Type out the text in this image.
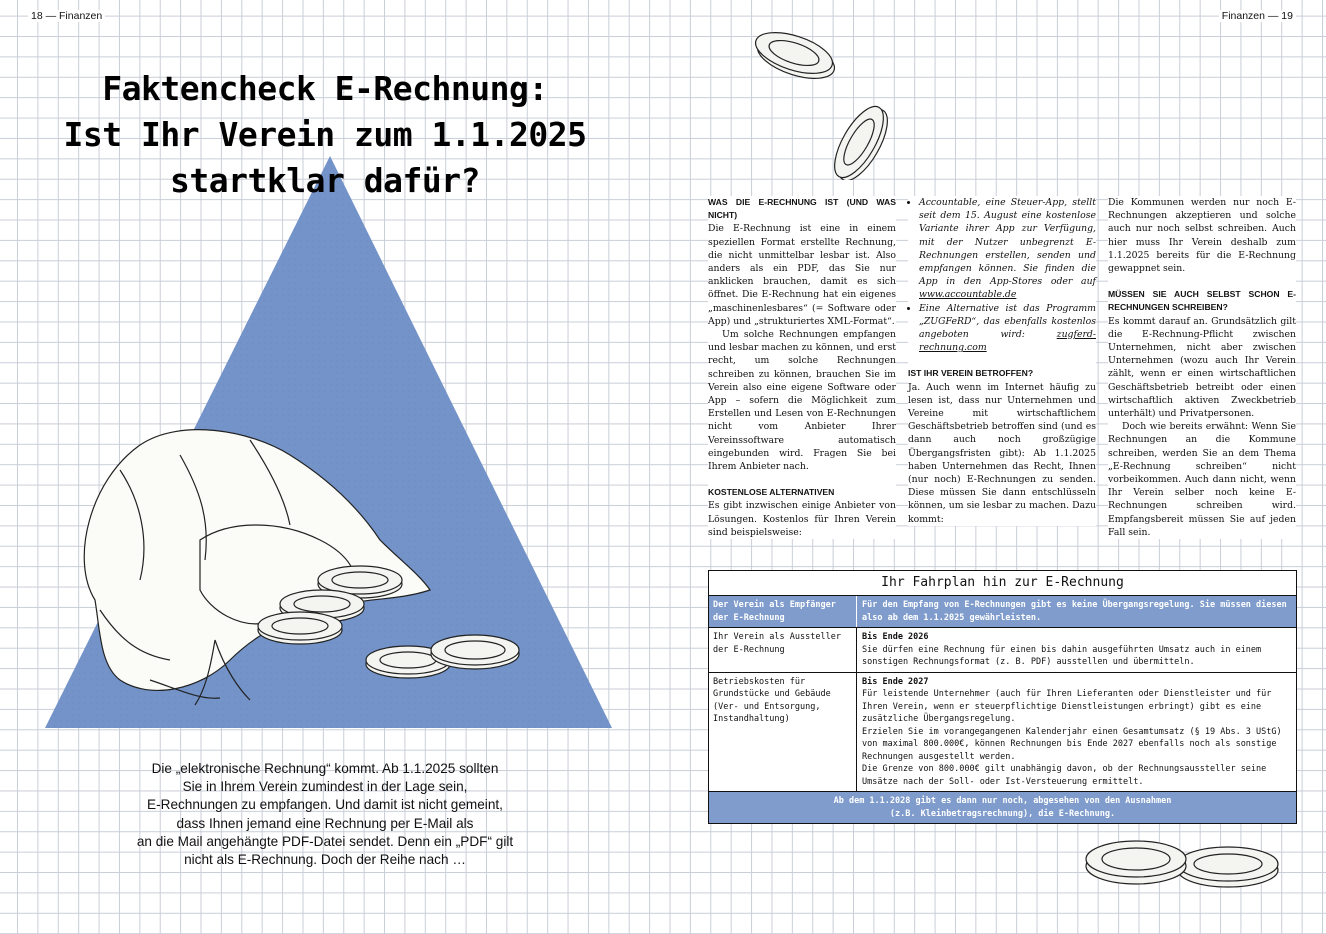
18 — Finanzen	Finanzen — 19
Faktencheck E-Rechnung:
Ist Ihr Verein zum 1.1.2025
startklar dafür?
Die „elektronische Rechnung“ kommt. Ab 1.1.2025 sollten
Sie in Ihrem Verein zumindest in der Lage sein,
E-Rechnungen zu empfangen. Und damit ist nicht gemeint,
dass Ihnen jemand eine Rechnung per E-Mail als
an die Mail angehängte PDF-Datei sendet. Denn ein „PDF“ gilt
nicht als E-Rechnung. Doch der Reihe nach …
WAS DIE E-RECHNUNG IST (UND WAS NICHT)

Die E-Rechnung ist eine in einem speziellen Format erstellte Rechnung, die nicht unmittelbar lesbar ist. Also anders als ein PDF, das Sie nur anklicken brauchen, damit es sich öffnet. Die E-Rechnung hat ein eigenes „maschinenlesbares“ (= Software oder App) und „strukturiertes XML-Format“.

Um solche Rechnungen empfangen und lesbar machen zu können, und erst recht, um solche Rechnungen schreiben zu können, brauchen Sie im Verein also eine eigene Software oder App – sofern die Möglichkeit zum Erstellen und Lesen von E-Rechnungen nicht vom Anbieter Ihrer Vereinssoftware automatisch eingebunden wird. Fragen Sie bei Ihrem Anbieter nach.

KOSTENLOSE ALTERNATIVEN

Es gibt inzwischen einige Anbieter von Lösungen. Kostenlos für Ihren Verein sind beispielsweise:

• Accountable, eine Steuer-App, stellt seit dem 15. August eine kostenlose Variante ihrer App zur Verfügung, mit der Nutzer unbegrenzt E-Rechnungen erstellen, senden und empfangen können. Sie finden die App in den App-Stores oder auf www.accountable.de
• Eine Alternative ist das Programm „ZUGFeRD“, das ebenfalls kostenlos angeboten wird:	zugferd-rechnung.com
IST IHR VEREIN BETROFFEN?

Ja. Auch wenn im Internet häufig zu lesen ist, dass nur Unternehmen und Vereine mit wirtschaftlichem Geschäftsbetrieb betroffen sind (und es dann auch noch großzügige Übergangsfristen gibt): Ab 1.1.2025 haben Unternehmen das Recht, Ihnen (nur noch) E-Rechnungen zu senden. Diese müssen Sie dann entschlüsseln können, um sie lesbar zu machen. Dazu kommt:

Die Kommunen werden nur noch E-Rechnungen akzeptieren und solche auch nur noch selbst schreiben. Auch hier muss Ihr Verein deshalb zum 1.1.2025 bereits für die E-Rechnung gewappnet sein.

MÜSSEN SIE AUCH SELBST SCHON E-RECHNUNGEN SCHREIBEN?

Es kommt darauf an. Grundsätzlich gilt die E-Rechnung-Pflicht zwischen Unternehmen, nicht aber zwischen Unternehmen (wozu auch Ihr Verein zählt, wenn er einen wirtschaftlichen Geschäftsbetrieb betreibt oder einen wirtschaftlich aktiven Zweckbetrieb unterhält) und Privatpersonen.

Doch wie bereits erwähnt: Wenn Sie Rechnungen an die Kommune schreiben, werden Sie an dem Thema „E-Rechnung schreiben“ nicht vorbeikommen. Auch dann nicht, wenn Ihr Verein selber noch keine E-Rechnungen schreiben wird. Empfangsbereit müssen Sie auf jeden Fall sein.

Ihr Fahrplan hin zur E-Rechnung
Der Verein als Empfänger der E-Rechnung
Für den Empfang von E-Rechnungen gibt es keine Übergangsregelung. Sie müssen diesen also ab dem 1.1.2025 gewährleisten.
Ihr Verein als Aussteller der E-Rechnung
Bis Ende 2026
Sie dürfen eine Rechnung für einen bis dahin ausgeführten Umsatz auch in einem sonstigen Rechnungsformat (z. B. PDF) ausstellen und übermitteln.
Betriebskosten für Grundstücke und Gebäude (Ver- und Entsorgung, Instandhaltung)
Bis Ende 2027
Für leistende Unternehmer (auch für Ihren Lieferanten oder Dienstleister und für Ihren Verein, wenn er steuerpflichtige Dienstleistungen erbringt) gibt es eine zusätzliche Übergangsregelung.
Erzielen Sie im vorangegangenen Kalenderjahr einen Gesamtumsatz (§ 19 Abs. 3 UStG) von maximal 800.000€, können Rechnungen bis Ende 2027 ebenfalls noch als sonstige Rechnungen ausgestellt werden.
Die Grenze von 800.000€ gilt unabhängig davon, ob der Rechnungsaussteller seine Umsätze nach der Soll- oder Ist-Versteuerung ermittelt.
Ab dem 1.1.2028 gibt es dann nur noch, abgesehen von den Ausnahmen
(z.B. Kleinbetragsrechnung), die E-Rechnung.
